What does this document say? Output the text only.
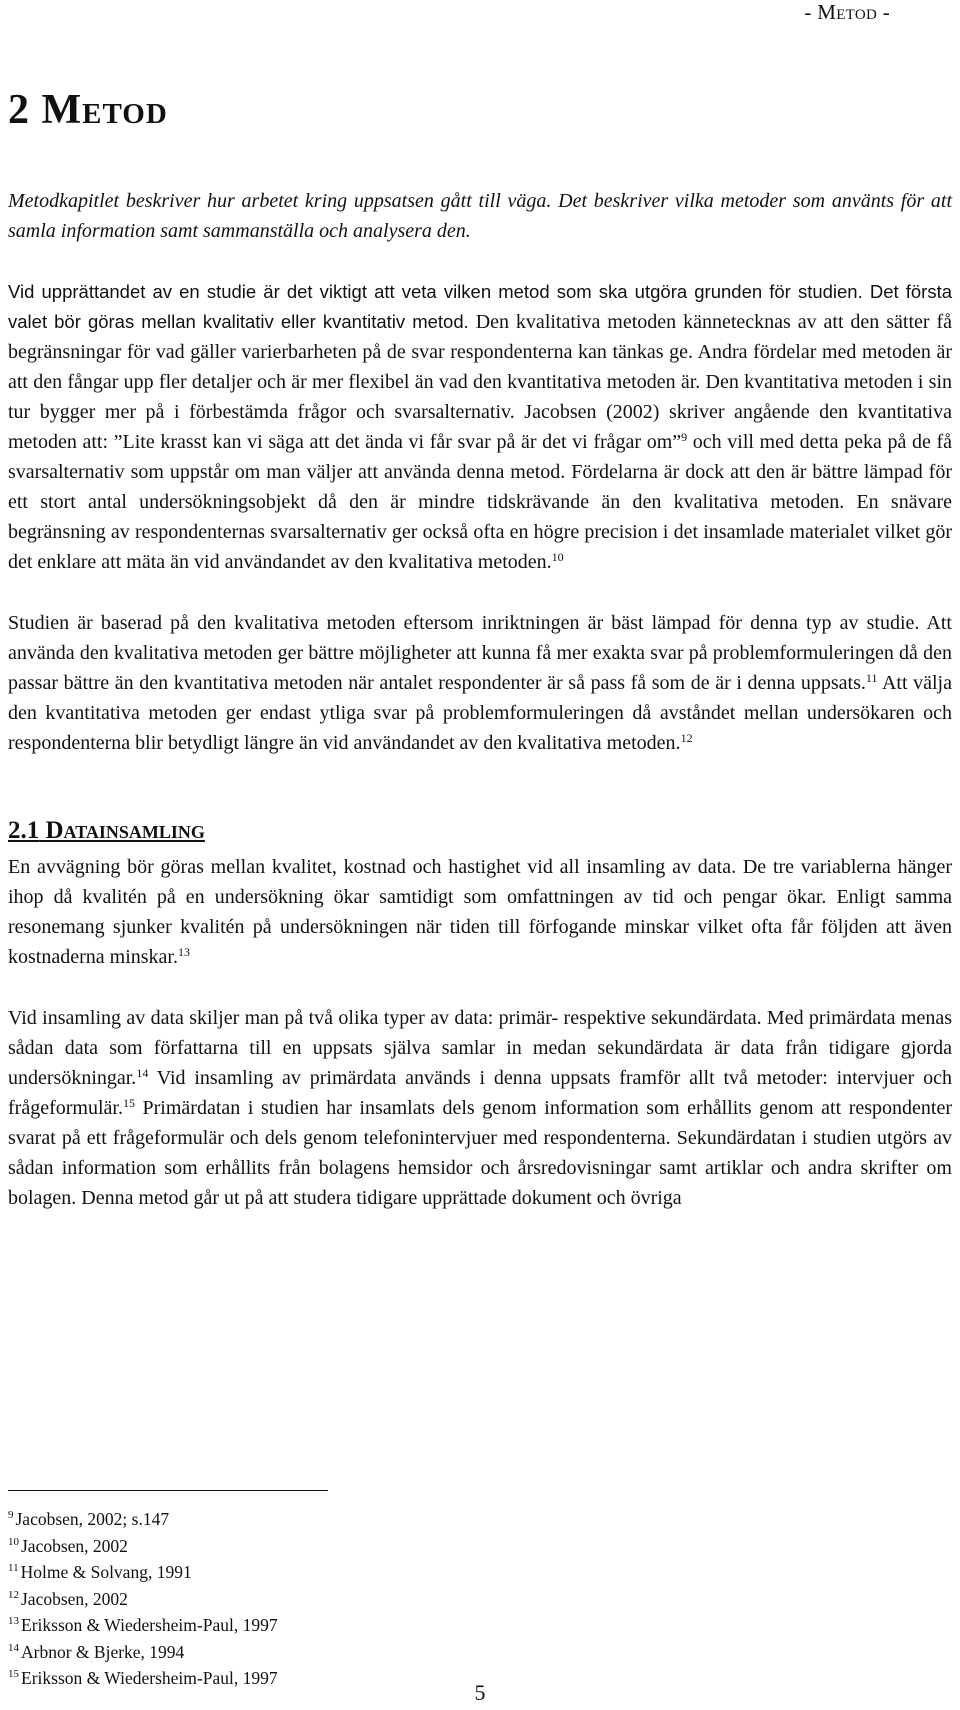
- Metod -
2 Metod

Metodkapitlet beskriver hur arbetet kring uppsatsen gått till väga. Det beskriver vilka metoder som använts för att samla information samt sammanställa och analysera den.

Vid upprättandet av en studie är det viktigt att veta vilken metod som ska utgöra grunden för studien. Det första valet bör göras mellan kvalitativ eller kvantitativ metod. Den kvalitativa metoden kännetecknas av att den sätter få begränsningar för vad gäller varierbarheten på de svar respondenterna kan tänkas ge. Andra fördelar med metoden är att den fångar upp fler detaljer och är mer flexibel än vad den kvantitativa metoden är. Den kvantitativa metoden i sin tur bygger mer på i förbestämda frågor och svarsalternativ. Jacobsen (2002) skriver angående den kvantitativa metoden att: ”Lite krasst kan vi säga att det ända vi får svar på är det vi frågar om”$^9$ och vill med detta peka på de få svarsalternativ som uppstår om man väljer att använda denna metod. Fördelarna är dock att den är bättre lämpad för ett stort antal undersökningsobjekt då den är mindre tidskrävande än den kvalitativa metoden. En snävare begränsning av respondenternas svarsalternativ ger också ofta en högre precision i det insamlade materialet vilket gör det enklare att mäta än vid användandet av den kvalitativa metoden.$^{10}$

Studien är baserad på den kvalitativa metoden eftersom inriktningen är bäst lämpad för denna typ av studie. Att använda den kvalitativa metoden ger bättre möjligheter att kunna få mer exakta svar på problemformuleringen då den passar bättre än den kvantitativa metoden när antalet respondenter är så pass få som de är i denna uppsats.$^{11}$ Att välja den kvantitativa metoden ger endast ytliga svar på problemformuleringen då avståndet mellan undersökaren och respondenterna blir betydligt längre än vid användandet av den kvalitativa metoden.$^{12}$

2.1 Datainsamling

En avvägning bör göras mellan kvalitet, kostnad och hastighet vid all insamling av data. De tre variablerna hänger ihop då kvalitén på en undersökning ökar samtidigt som omfattningen av tid och pengar ökar. Enligt samma resonemang sjunker kvalitén på undersökningen när tiden till förfogande minskar vilket ofta får följden att även kostnaderna minskar.$^{13}$

Vid insamling av data skiljer man på två olika typer av data: primär- respektive sekundärdata. Med primärdata menas sådan data som författarna till en uppsats själva samlar in medan sekundärdata är data från tidigare gjorda undersökningar.$^{14}$ Vid insamling av primärdata används i denna uppsats framför allt två metoder: intervjuer och frågeformulär.$^{15}$ Primärdatan i studien har insamlats dels genom information som erhållits genom att respondenter svarat på ett frågeformulär och dels genom telefonintervjuer med respondenterna. Sekundärdatan i studien utgörs av sådan information som erhållits från bolagens hemsidor och årsredovisningar samt artiklar och andra skrifter om bolagen. Denna metod går ut på att studera tidigare upprättade dokument och övriga

$^9$ Jacobsen, 2002; s.147
$^{10}$ Jacobsen, 2002
$^{11}$ Holme & Solvang, 1991
$^{12}$ Jacobsen, 2002
$^{13}$ Eriksson & Wiedersheim-Paul, 1997
$^{14}$ Arbnor & Bjerke, 1994
$^{15}$ Eriksson & Wiedersheim-Paul, 1997
5
